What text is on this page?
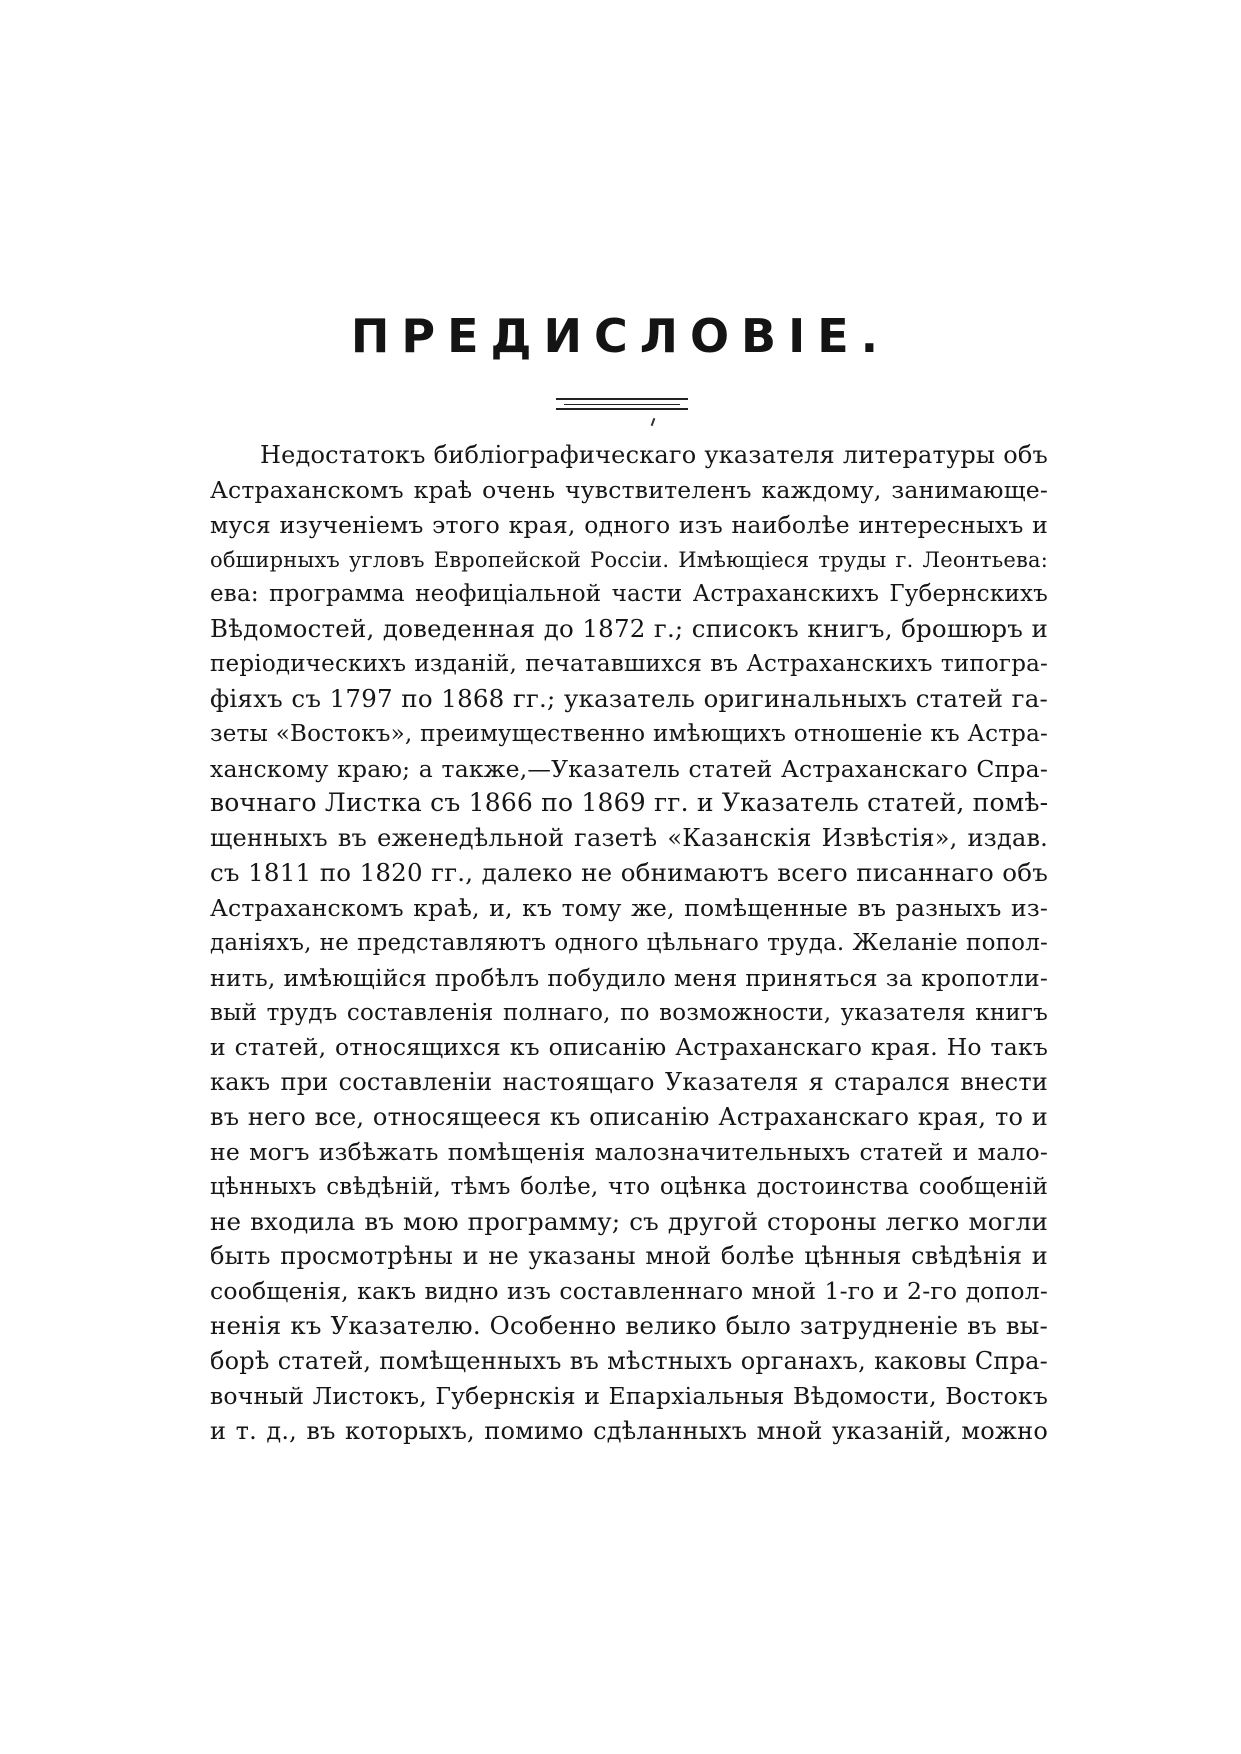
ПРЕДИСЛОВІЕ.
Недостатокъ библіографическаго указателя литературы объ
Астраханскомъ краѣ очень чувствителенъ каждому, занимающе-
муся изученіемъ этого края, одного изъ наиболѣе интересныхъ и
обширныхъ угловъ Европейской Россіи. Имѣющіеся труды г. Леонтьева:
ева: программа неофиціальной части Астраханскихъ Губернскихъ
Вѣдомостей, доведенная до 1872 г.; списокъ книгъ, брошюръ и
періодическихъ изданій, печатавшихся въ Астраханскихъ типогра-
фіяхъ съ 1797 по 1868 гг.; указатель оригинальныхъ статей га-
зеты «Востокъ», преимущественно имѣющихъ отношеніе къ Астра-
ханскому краю; а также,—Указатель статей Астраханскаго Спра-
вочнаго Листка съ 1866 по 1869 гг. и Указатель статей, помѣ-
щенныхъ въ еженедѣльной газетѣ «Казанскія Извѣстія», издав.
съ 1811 по 1820 гг., далеко не обнимаютъ всего писаннаго объ
Астраханскомъ краѣ, и, къ тому же, помѣщенные въ разныхъ из-
даніяхъ, не представляютъ одного цѣльнаго труда. Желаніе попол-
нить, имѣющійся пробѣлъ побудило меня приняться за кропотли-
вый трудъ составленія полнаго, по возможности, указателя книгъ
и статей, относящихся къ описанію Астраханскаго края. Но такъ
какъ при составленіи настоящаго Указателя я старался внести
въ него все, относящееся къ описанію Астраханскаго края, то и
не могъ избѣжать помѣщенія малозначительныхъ статей и мало-
цѣнныхъ свѣдѣній, тѣмъ болѣе, что оцѣнка достоинства сообщеній
не входила въ мою программу; съ другой стороны легко могли
быть просмотрѣны и не указаны мной болѣе цѣнныя свѣдѣнія и
сообщенія, какъ видно изъ составленнаго мной 1-го и 2-го допол-
ненія къ Указателю. Особенно велико было затрудненіе въ вы-
борѣ статей, помѣщенныхъ въ мѣстныхъ органахъ, каковы Спра-
вочный Листокъ, Губернскія и Епархіальныя Вѣдомости, Востокъ
и т. д., въ которыхъ, помимо сдѣланныхъ мной указаній, можно
